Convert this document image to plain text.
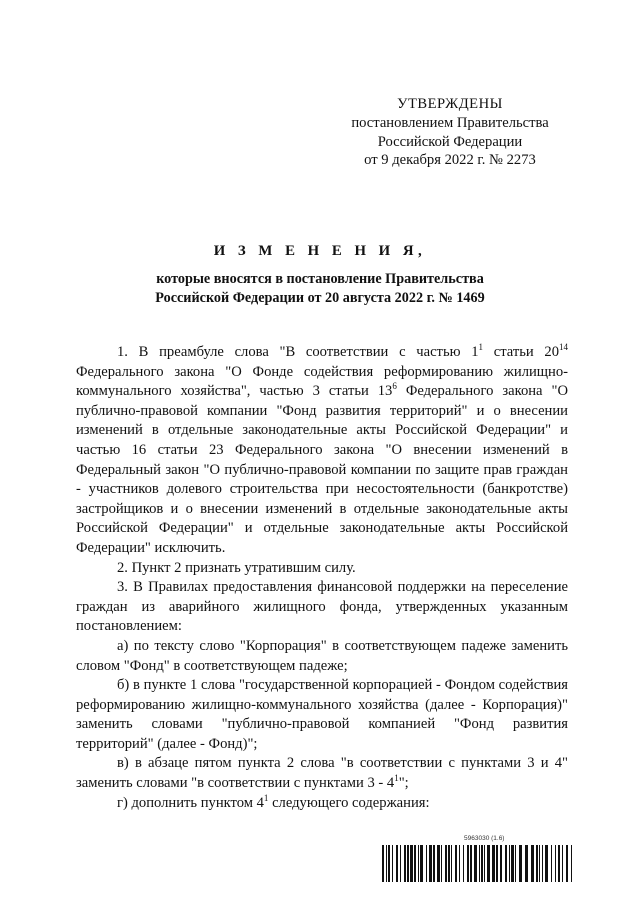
УТВЕРЖДЕНЫ
постановлением Правительства
Российской Федерации
от 9 декабря 2022 г. № 2273
И З М Е Н Е Н И Я,
которые вносятся в постановление Правительства
Российской Федерации от 20 августа 2022 г. № 1469
1. В преамбуле слова "В соответствии с частью $1^1$ статьи $20^{14}$ Федерального закона "О Фонде содействия реформированию жилищно-коммунального хозяйства", частью 3 статьи $13^6$ Федерального закона "О публично-правовой компании "Фонд развития территорий" и о внесении изменений в отдельные законодательные акты Российской Федерации" и частью 16 статьи 23 Федерального закона "О внесении изменений в Федеральный закон "О публично-правовой компании по защите прав граждан - участников долевого строительства при несостоятельности (банкротстве) застройщиков и о внесении изменений в отдельные законодательные акты Российской Федерации" и отдельные законодательные акты Российской Федерации" исключить.
2. Пункт 2 признать утратившим силу.
3. В Правилах предоставления финансовой поддержки на переселение граждан из аварийного жилищного фонда, утвержденных указанным постановлением:
а) по тексту слово "Корпорация" в соответствующем падеже заменить словом "Фонд" в соответствующем падеже;
б) в пункте 1 слова "государственной корпорацией - Фондом содействия реформированию жилищно-коммунального хозяйства (далее - Корпорация)" заменить словами "публично-правовой компанией "Фонд развития территорий" (далее - Фонд)";
в) в абзаце пятом пункта 2 слова "в соответствии с пунктами 3 и 4" заменить словами "в соответствии с пунктами $3 - 4^1$";
г) дополнить пунктом $4^1$ следующего содержания:
5963030 (1.6)
